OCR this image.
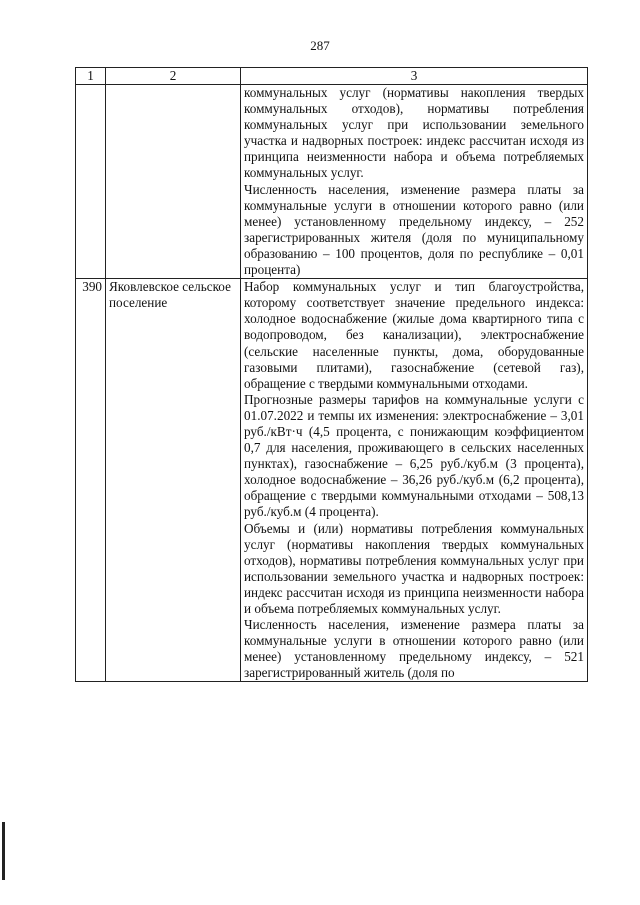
287
1	2	3

		коммунальных услуг (нормативы накопления твердых коммунальных отходов), нормативы потребления коммунальных услуг при использовании земельного участка и надворных построек: индекс рассчитан исходя из принципа неизменности набора и объема потребляемых коммунальных услуг.

Численность населения, изменение размера платы за коммунальные услуги в отношении которого равно (или менее) установленному предельному индексу, – 252 зарегистрированных жителя (доля по муниципальному образованию – 100 процентов, доля по республике – 0,01 процента)

390	Яковлевское сельское поселение	Набор коммунальных услуг и тип благоустройства, которому соответствует значение предельного индекса: холодное водоснабжение (жилые дома квартирного типа с водопроводом, без канализации), электроснабжение (сельские населенные пункты, дома, оборудованные газовыми плитами), газоснабжение (сетевой газ), обращение с твердыми коммунальными отходами.

Прогнозные размеры тарифов на коммунальные услуги с 01.07.2022 и темпы их изменения: электроснабжение – 3,01 руб./кВт·ч (4,5 процента, с понижающим коэффициентом 0,7 для населения, проживающего в сельских населенных пунктах), газоснабжение – 6,25 руб./куб.м (3 процента), холодное водоснабжение – 36,26 руб./куб.м (6,2 процента), обращение с твердыми коммунальными отходами – 508,13 руб./куб.м (4 процента).

Объемы и (или) нормативы потребления коммунальных услуг (нормативы накопления твердых коммунальных отходов), нормативы потребления коммунальных услуг при использовании земельного участка и надворных построек: индекс рассчитан исходя из принципа неизменности набора и объема потребляемых коммунальных услуг.

Численность населения, изменение размера платы за коммунальные услуги в отношении которого равно (или менее) установленному предельному индексу, – 521 зарегистрированный житель (доля по
